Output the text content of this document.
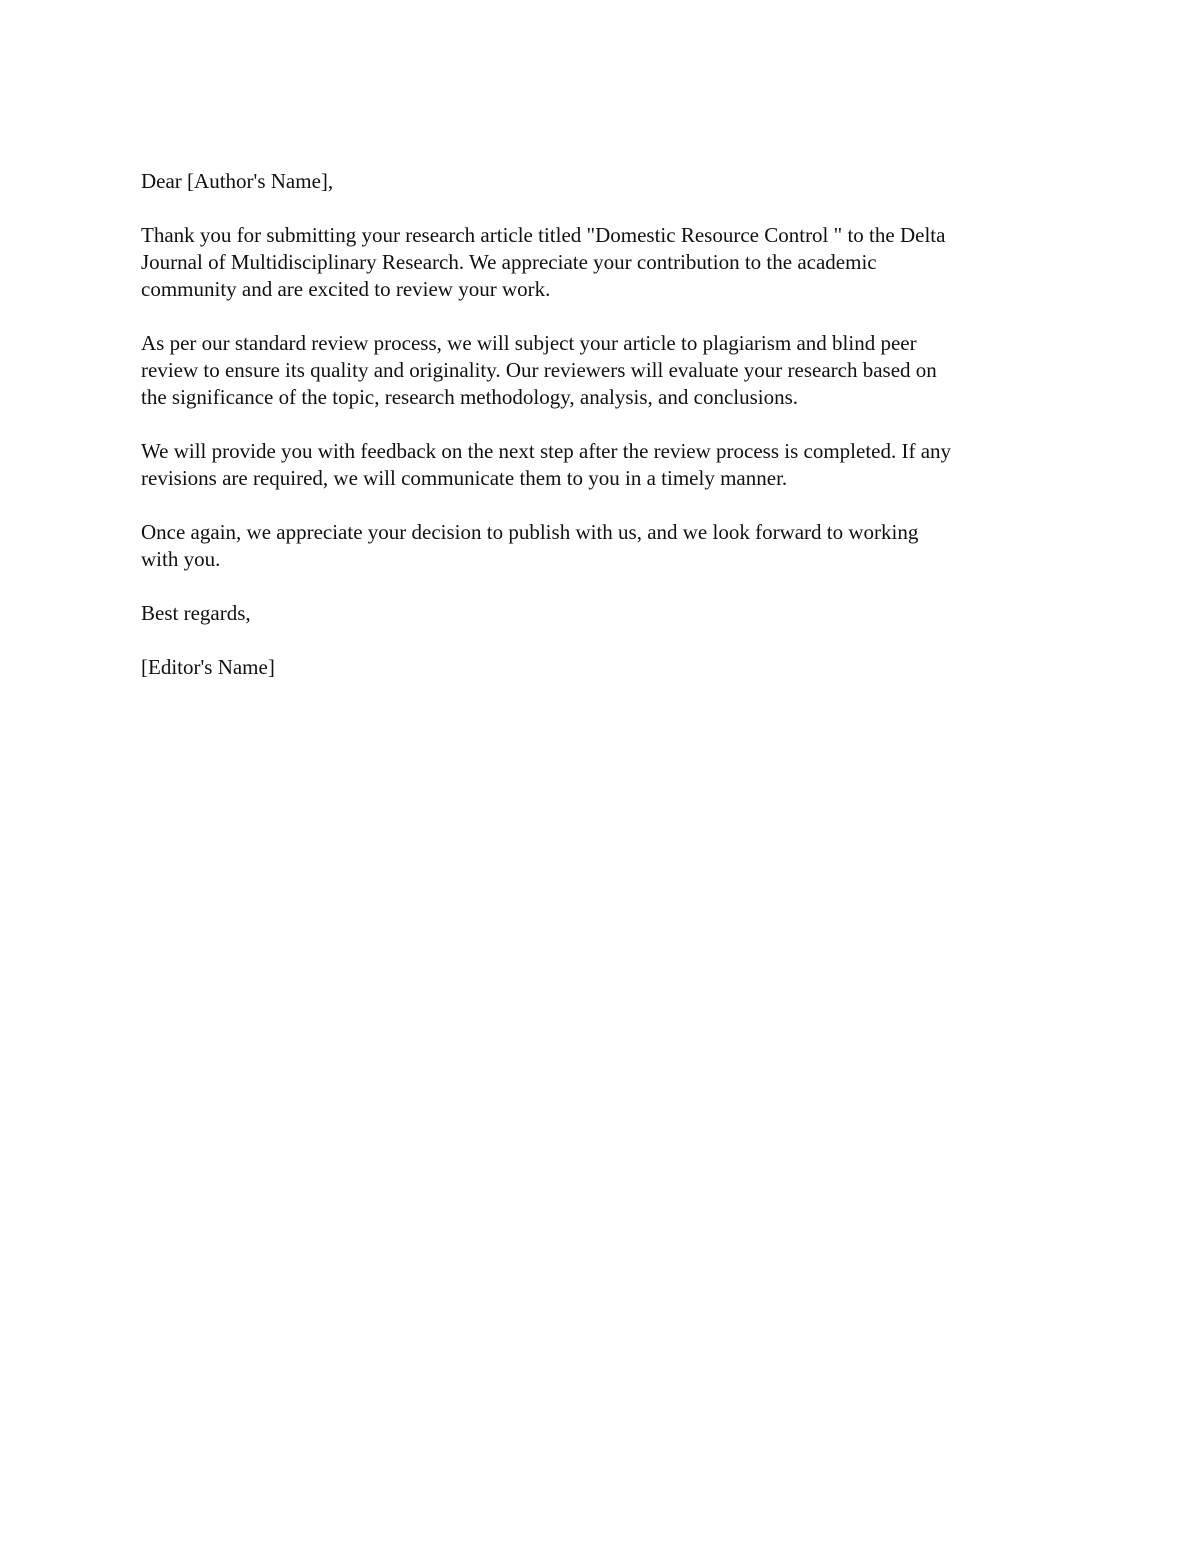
Dear [Author's Name],

Thank you for submitting your research article titled "Domestic Resource Control " to the Delta
Journal of Multidisciplinary Research. We appreciate your contribution to the academic
community and are excited to review your work.

As per our standard review process, we will subject your article to plagiarism and blind peer
review to ensure its quality and originality. Our reviewers will evaluate your research based on
the significance of the topic, research methodology, analysis, and conclusions.

We will provide you with feedback on the next step after the review process is completed. If any
revisions are required, we will communicate them to you in a timely manner.

Once again, we appreciate your decision to publish with us, and we look forward to working
with you.

Best regards,

[Editor's Name]
